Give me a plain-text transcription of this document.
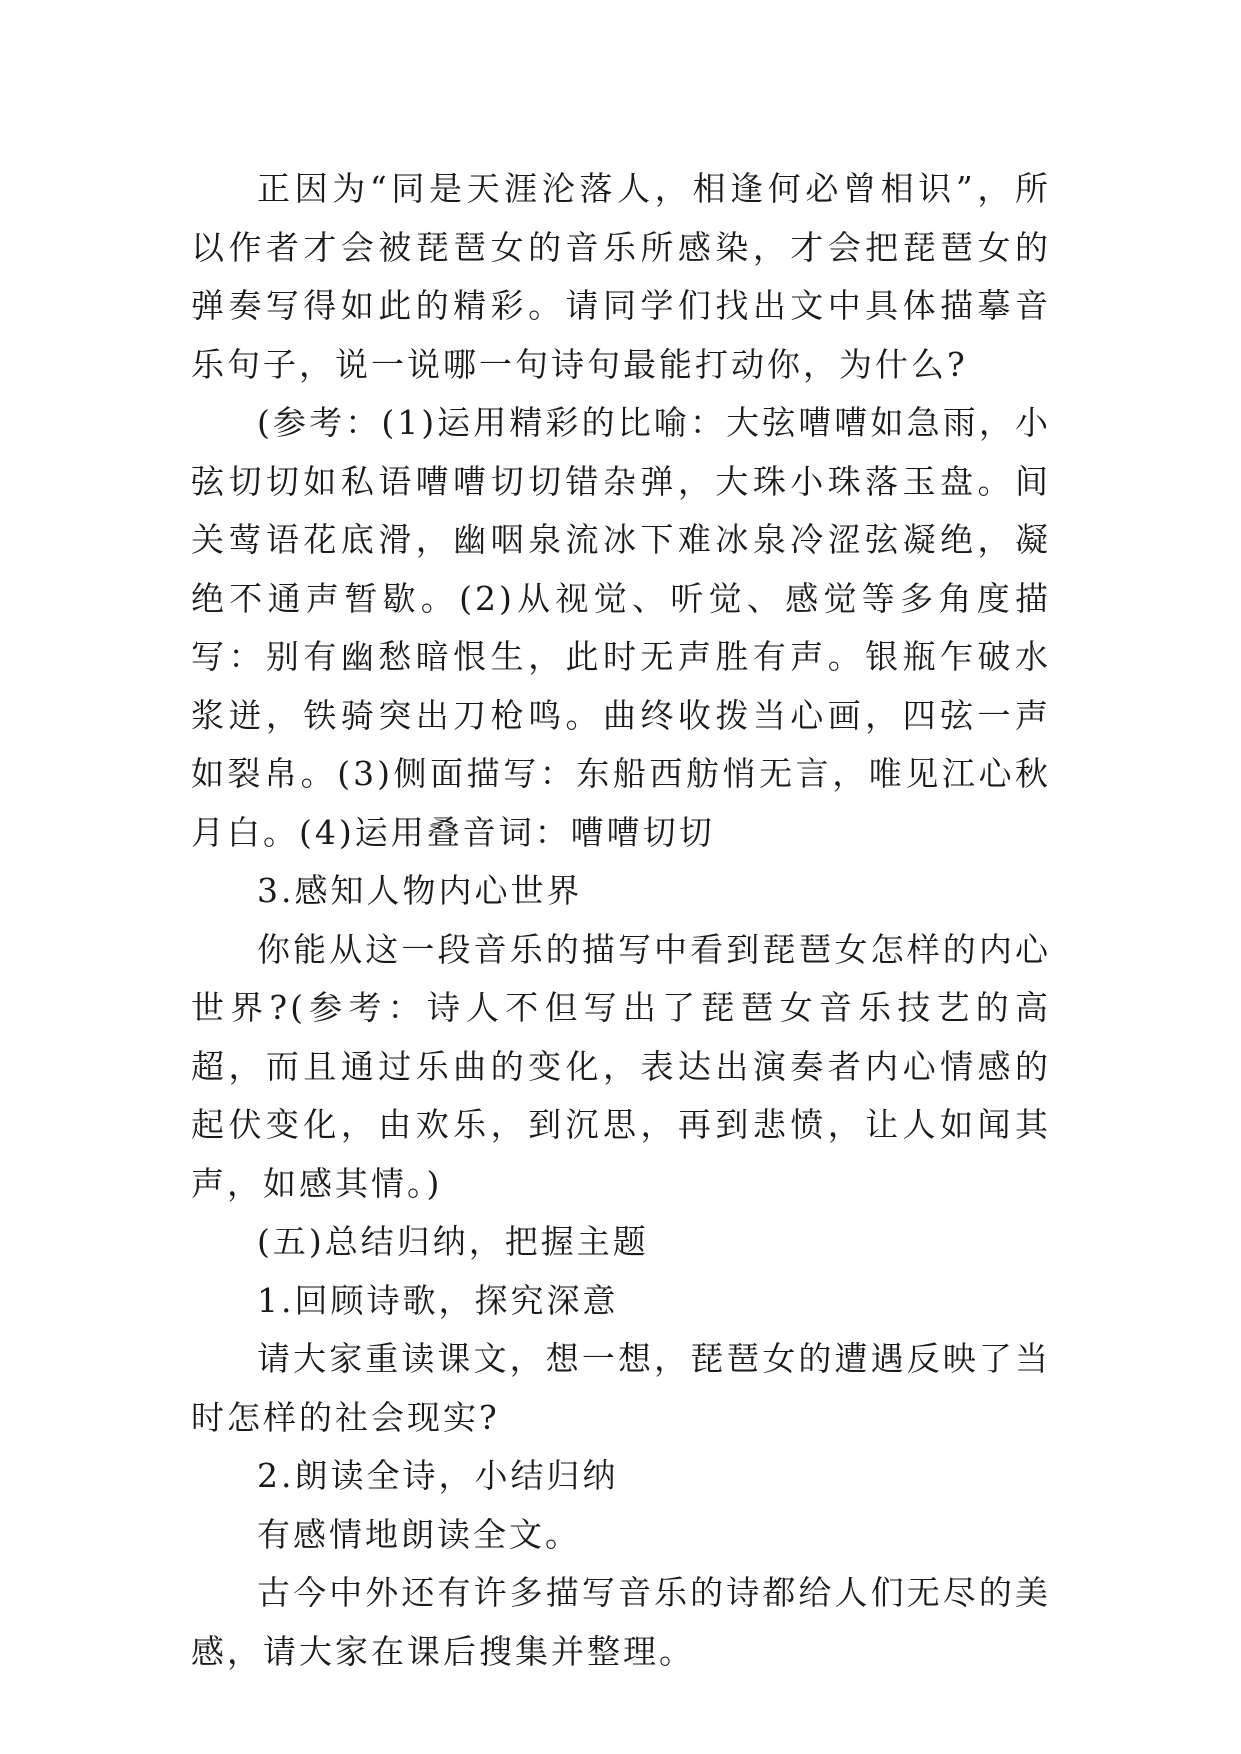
正因为“同是天涯沦落人，相逢何必曾相识”，所以作者才会被琵琶女的音乐所感染，才会把琵琶女的弹奏写得如此的精彩。请同学们找出文中具体描摹音乐句子，说一说哪一句诗句最能打动你，为什么?

(参考：(1)运用精彩的比喻：大弦嘈嘈如急雨，小弦切切如私语嘈嘈切切错杂弹，大珠小珠落玉盘。间关莺语花底滑，幽咽泉流冰下难冰泉冷涩弦凝绝，凝绝不通声暂歇。(2)从视觉、听觉、感觉等多角度描写：别有幽愁暗恨生，此时无声胜有声。银瓶乍破水浆迸，铁骑突出刀枪鸣。曲终收拨当心画，四弦一声如裂帛。(3)侧面描写：东船西舫悄无言，唯见江心秋月白。(4)运用叠音词：嘈嘈切切

3.感知人物内心世界

你能从这一段音乐的描写中看到琵琶女怎样的内心世界?(参考：诗人不但写出了琵琶女音乐技艺的高超，而且通过乐曲的变化，表达出演奏者内心情感的起伏变化，由欢乐，到沉思，再到悲愤，让人如闻其声，如感其情。)

(五)总结归纳，把握主题

1.回顾诗歌，探究深意

请大家重读课文，想一想，琵琶女的遭遇反映了当时怎样的社会现实?

2.朗读全诗，小结归纳

有感情地朗读全文。

古今中外还有许多描写音乐的诗都给人们无尽的美感，请大家在课后搜集并整理。
